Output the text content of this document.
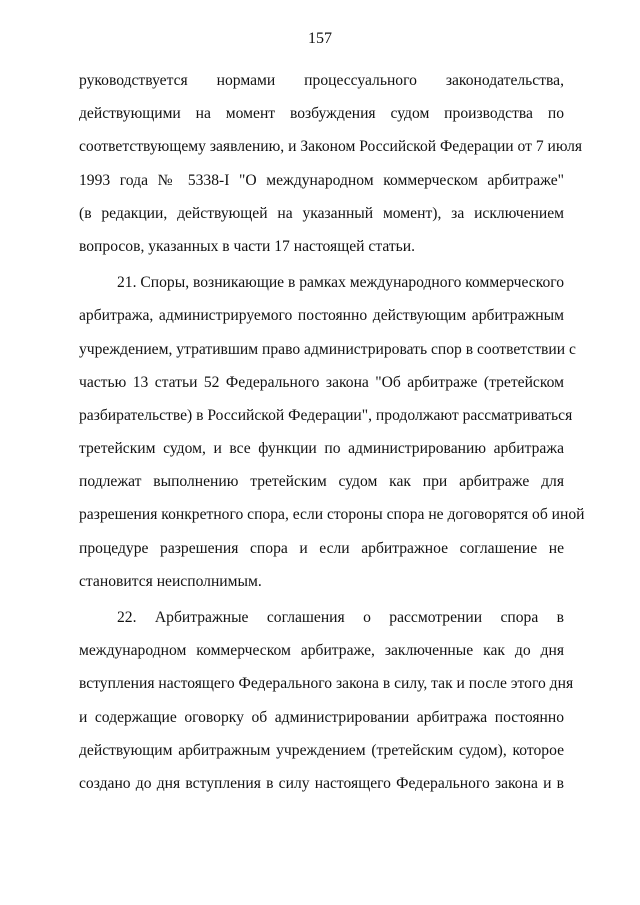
157
руководствуется нормами процессуального законодательства,
действующими на момент возбуждения судом производства по
соответствующему заявлению, и Законом Российской Федерации от 7 июля
1993 года № 5338-I "О международном коммерческом арбитраже"
(в редакции, действующей на указанный момент), за исключением
вопросов, указанных в части 17 настоящей статьи.
21. Споры, возникающие в рамках международного коммерческого
арбитража, администрируемого постоянно действующим арбитражным
учреждением, утратившим право администрировать спор в соответствии с
частью 13 статьи 52 Федерального закона "Об арбитраже (третейском
разбирательстве) в Российской Федерации", продолжают рассматриваться
третейским судом, и все функции по администрированию арбитража
подлежат выполнению третейским судом как при арбитраже для
разрешения конкретного спора, если стороны спора не договорятся об иной
процедуре разрешения спора и если арбитражное соглашение не
становится неисполнимым.
22. Арбитражные соглашения о рассмотрении спора в
международном коммерческом арбитраже, заключенные как до дня
вступления настоящего Федерального закона в силу, так и после этого дня
и содержащие оговорку об администрировании арбитража постоянно
действующим арбитражным учреждением (третейским судом), которое
создано до дня вступления в силу настоящего Федерального закона и в
